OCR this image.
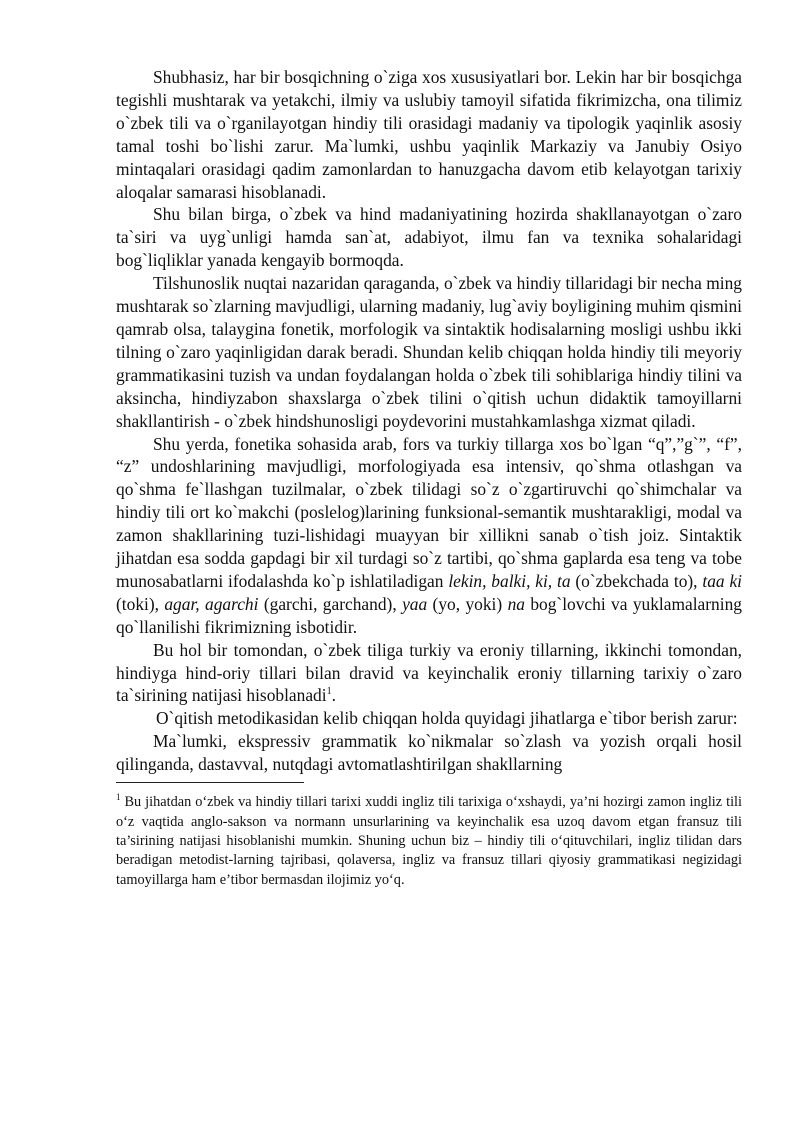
Shubhasiz, har bir bosqichning o`ziga xos xususiyatlari bor. Lekin har bir bosqichga tegishli mushtarak va yetakchi, ilmiy va uslubiy tamoyil sifatida fikrimizcha, ona tilimiz o`zbek tili va o`rganilayotgan hindiy tili orasidagi madaniy va tipologik yaqinlik asosiy tamal toshi bo`lishi zarur. Ma`lumki, ushbu yaqinlik Markaziy va Janubiy Osiyo mintaqalari orasidagi qadim zamonlardan to hanuzgacha davom etib kelayotgan tarixiy aloqalar samarasi hisoblanadi.

Shu bilan birga, o`zbek va hind madaniyatining hozirda shakllanayotgan o`zaro ta`siri va uyg`unligi hamda san`at, adabiyot, ilmu fan va texnika sohalaridagi bog`liqliklar yanada kengayib bormoqda.

Tilshunoslik nuqtai nazaridan qaraganda, o`zbek va hindiy tillaridagi bir necha ming mushtarak so`zlarning mavjudligi, ularning madaniy, lug`aviy boyligining muhim qismini qamrab olsa, talaygina fonetik, morfologik va sintaktik hodisalarning mosligi ushbu ikki tilning o`zaro yaqinligidan darak beradi. Shundan kelib chiqqan holda hindiy tili meyoriy grammatikasini tuzish va undan foydalangan holda o`zbek tili sohiblariga hindiy tilini va aksincha, hindiyzabon shaxslarga o`zbek tilini o`qitish uchun didaktik tamoyillarni shakllantirish - o`zbek hindshunosligi poydevorini mustahkamlashga xizmat qiladi.

Shu yerda, fonetika sohasida arab, fors va turkiy tillarga xos bo`lgan “q”,”g`”, “f”, “z” undoshlarining mavjudligi, morfologiyada esa intensiv, qo`shma otlashgan va qo`shma fe`llashgan tuzilmalar, o`zbek tilidagi so`z o`zgartiruvchi qo`shimchalar va hindiy tili ort ko`makchi (poslelog)larining funksional-semantik mushtarakligi, modal va zamon shakllarining tuzi-lishidagi muayyan bir xillikni sanab o`tish joiz. Sintaktik jihatdan esa sodda gapdagi bir xil turdagi so`z tartibi, qo`shma gaplarda esa teng va tobe munosabatlarni ifodalashda ko`p ishlatiladigan lekin, balki, ki, ta (o`zbekchada to), taa ki (toki), agar, agarchi (garchi, garchand), yaa (yo, yoki) na bog`lovchi va yuklamalarning qo`llanilishi fikrimizning isbotidir.

Bu hol bir tomondan, o`zbek tiliga turkiy va eroniy tillarning, ikkinchi tomondan, hindiyga hind-oriy tillari bilan dravid va keyinchalik eroniy tillarning tarixiy o`zaro ta`sirining natijasi hisoblanadi$^1$.

O`qitish metodikasidan kelib chiqqan holda quyidagi jihatlarga e`tibor berish zarur:

Ma`lumki, ekspressiv grammatik ko`nikmalar so`zlash va yozish orqali hosil qilinganda, dastavval, nutqdagi avtomatlashtirilgan shakllarning

$^1$ Bu jihatdan o‘zbek va hindiy tillari tarixi xuddi ingliz tili tarixiga o‘xshaydi, ya’ni hozirgi zamon ingliz tili o‘z vaqtida anglo-sakson va normann unsurlarining va keyinchalik esa uzoq davom etgan fransuz tili ta’sirining natijasi hisoblanishi mumkin. Shuning uchun biz – hindiy tili o‘qituvchilari, ingliz tilidan dars beradigan metodist-larning tajribasi, qolaversa, ingliz va fransuz tillari qiyosiy grammatikasi negizidagi tamoyillarga ham e’tibor bermasdan ilojimiz yo‘q.
